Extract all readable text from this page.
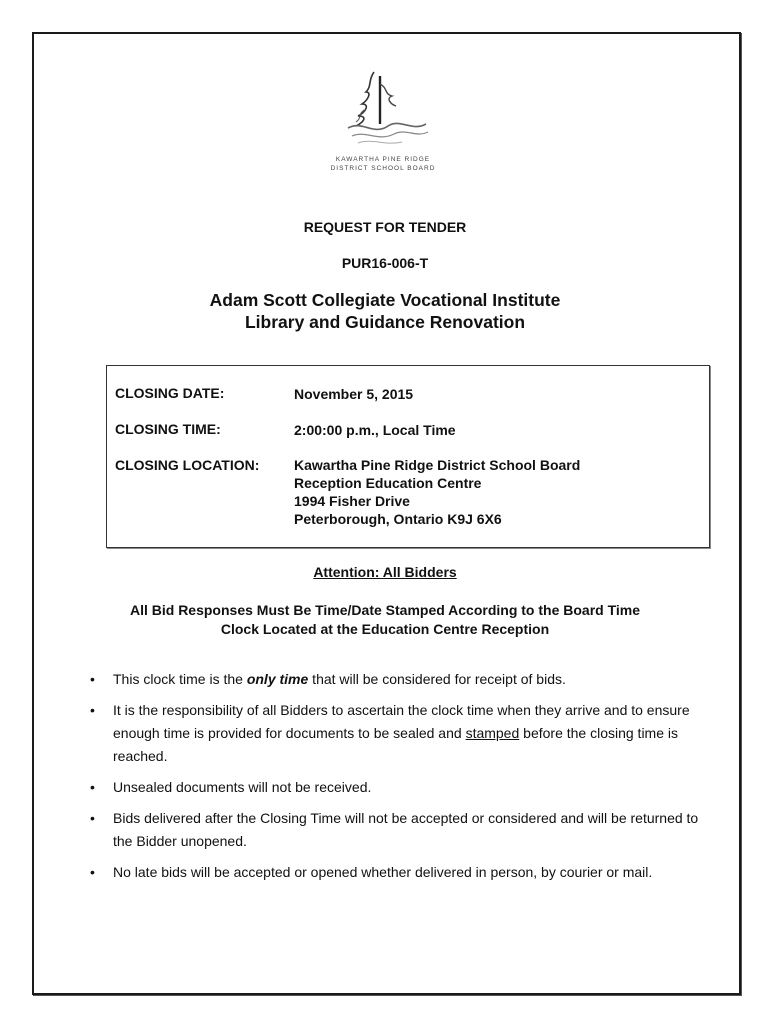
KAWARTHA PINE RIDGE
DISTRICT SCHOOL BOARD
REQUEST FOR TENDER
PUR16-006-T
Adam Scott Collegiate Vocational Institute
Library and Guidance Renovation
CLOSING DATE:	November 5, 2015
CLOSING TIME:	2:00:00 p.m., Local Time
CLOSING LOCATION: Kawartha Pine Ridge District School Board
Reception Education Centre
1994 Fisher Drive
Peterborough, Ontario K9J 6X6
Attention: All Bidders
All Bid Responses Must Be Time/Date Stamped According to the Board Time
Clock Located at the Education Centre Reception
• This clock time is the only time that will be considered for receipt of bids.
• It is the responsibility of all Bidders to ascertain the clock time when they arrive and to ensure enough time is provided for documents to be sealed and stamped before the closing time is reached.
• Unsealed documents will not be received.
• Bids delivered after the Closing Time will not be accepted or considered and will be returned to the Bidder unopened.
• No late bids will be accepted or opened whether delivered in person, by courier or mail.
